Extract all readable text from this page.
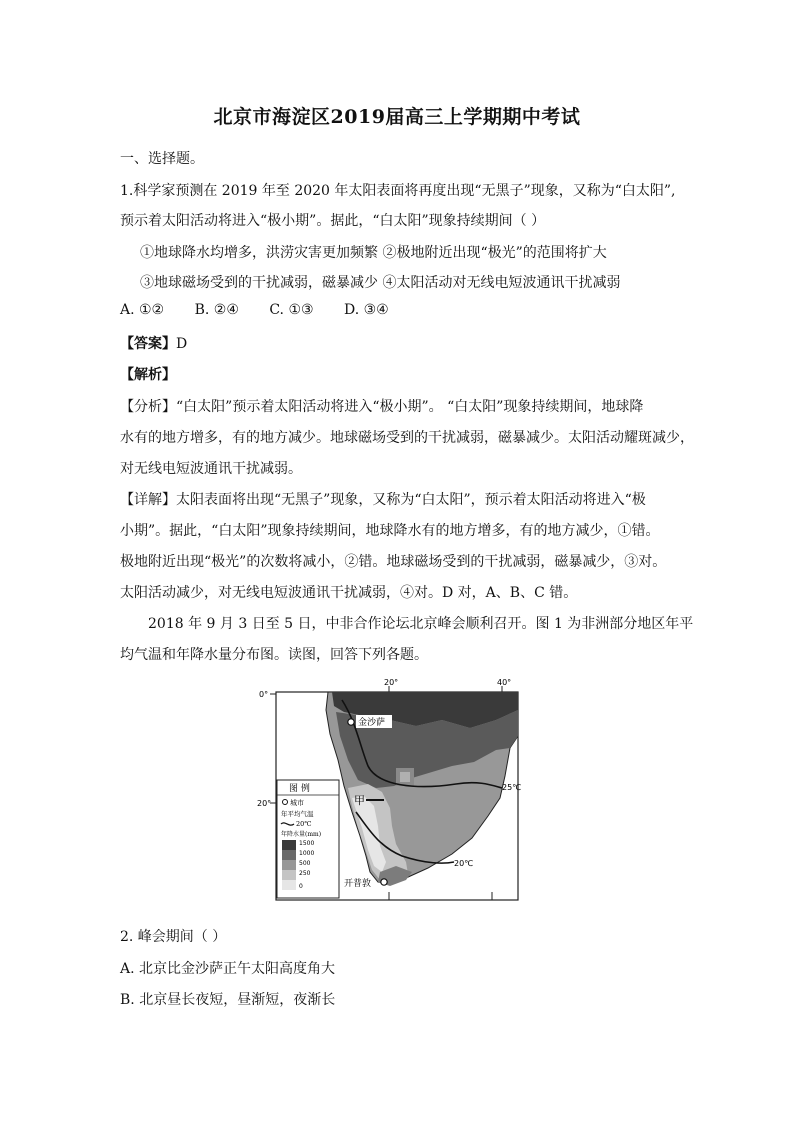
北京市海淀区2019届高三上学期期中考试
一、选择题。
1.科学家预测在 2019 年至 2020 年太阳表面将再度出现“无黑子”现象，又称为“白太阳”,
预示着太阳活动将进入“极小期”。据此，“白太阳”现象持续期间（ ）
①地球降水均增多，洪涝灾害更加频繁 ②极地附近出现“极光”的范围将扩大
③地球磁场受到的干扰减弱，磁暴减少 ④太阳活动对无线电短波通讯干扰减弱
A. ①② B. ②④ C. ①③ D. ③④
【答案】D
【解析】
【分析】“白太阳”预示着太阳活动将进入“极小期”。 “白太阳”现象持续期间，地球降
水有的地方增多，有的地方减少。地球磁场受到的干扰减弱，磁暴减少。太阳活动耀斑减少，
对无线电短波通讯干扰减弱。
【详解】太阳表面将出现“无黑子”现象，又称为“白太阳”，预示着太阳活动将进入“极
小期”。据此，“白太阳”现象持续期间，地球降水有的地方增多，有的地方减少，①错。
极地附近出现“极光”的次数将减小，②错。地球磁场受到的干扰减弱，磁暴减少，③对。
太阳活动减少，对无线电短波通讯干扰减弱，④对。D 对，A、B、C 错。
2018 年 9 月 3 日至 5 日，中非合作论坛北京峰会顺利召开。图 1 为非洲部分地区年平
均气温和年降水量分布图。读图，回答下列各题。
20°	40°
0°
20°
25℃
20℃
金沙萨
甲
开普敦
图 例
城市
年平均气温
20℃
年降水量(mm)
1500
1000
500
250
0
2. 峰会期间（ ）
A. 北京比金沙萨正午太阳高度角大
B. 北京昼长夜短，昼渐短，夜渐长
